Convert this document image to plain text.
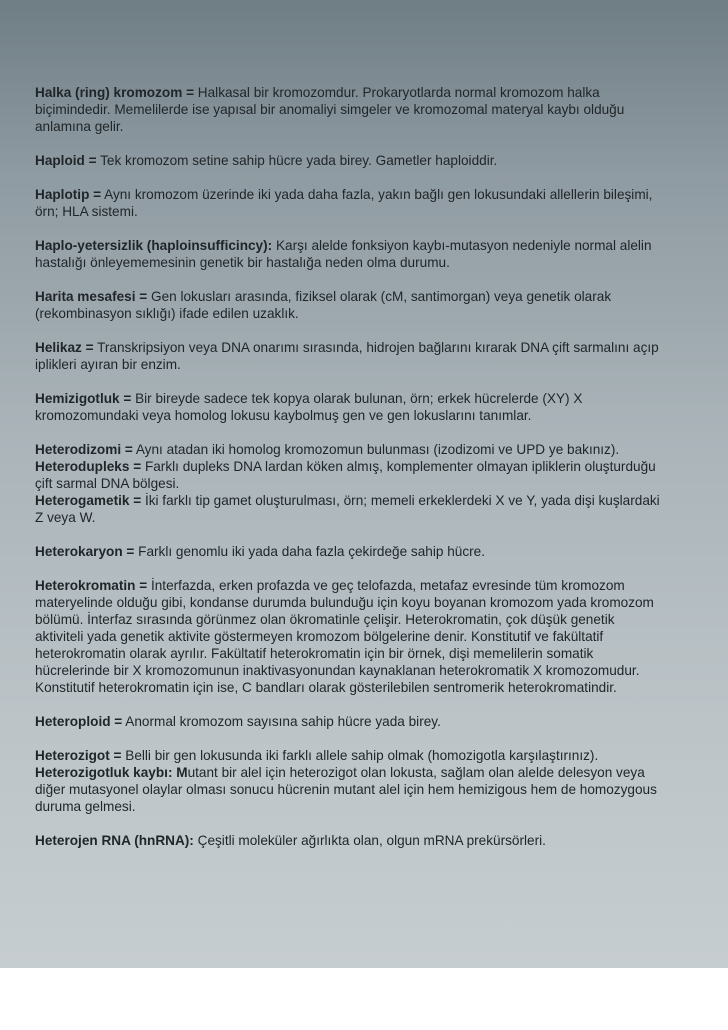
Halka (ring) kromozom = Halkasal bir kromozomdur. Prokaryotlarda normal kromozom halka biçimindedir. Memelilerde ise yapısal bir anomaliyi simgeler ve kromozomal materyal kaybı olduğu anlamına gelir.

Haploid = Tek kromozom setine sahip hücre yada birey. Gametler haploiddir.

Haplotip = Aynı kromozom üzerinde iki yada daha fazla, yakın bağlı gen lokusundaki allellerin bileşimi, örn; HLA sistemi.

Haplo-yetersizlik (haploinsufficincy): Karşı alelde fonksiyon kaybı-mutasyon nedeniyle normal alelin hastalığı önleyememesinin genetik bir hastalığa neden olma durumu.

Harita mesafesi = Gen lokusları arasında, fiziksel olarak (cM, santimorgan) veya genetik olarak (rekombinasyon sıklığı) ifade edilen uzaklık.

Helikaz = Transkripsiyon veya DNA onarımı sırasında, hidrojen bağlarını kırarak DNA çift sarmalını açıp iplikleri ayıran bir enzim.

Hemizigotluk = Bir bireyde sadece tek kopya olarak bulunan, örn; erkek hücrelerde (XY) X kromozomundaki veya homolog lokusu kaybolmuş gen ve gen lokuslarını tanımlar.

Heterodizomi = Aynı atadan iki homolog kromozomun bulunması (izodizomi ve UPD ye bakınız).

Heterodupleks = Farklı dupleks DNA lardan köken almış, komplementer olmayan ipliklerin oluşturduğu çift sarmal DNA bölgesi.

Heterogametik = İki farklı tip gamet oluşturulması, örn; memeli erkeklerdeki X ve Y, yada dişi kuşlardaki Z veya W.

Heterokaryon = Farklı genomlu iki yada daha fazla çekirdeğe sahip hücre.

Heterokromatin = İnterfazda, erken profazda ve geç telofazda, metafaz evresinde tüm kromozom materyelinde olduğu gibi, kondanse durumda bulunduğu için koyu boyanan kromozom yada kromozom bölümü. İnterfaz sırasında görünmez olan ökromatinle çelişir. Heterokromatin, çok düşük genetik aktiviteli yada genetik aktivite göstermeyen kromozom bölgelerine denir. Konstitutif ve fakültatif heterokromatin olarak ayrılır. Fakültatif heterokromatin için bir örnek, dişi memelilerin somatik hücrelerinde bir X kromozomunun inaktivasyonundan kaynaklanan heterokromatik X kromozomudur. Konstitutif heterokromatin için ise, C bandları olarak gösterilebilen sentromerik heterokromatindir.

Heteroploid = Anormal kromozom sayısına sahip hücre yada birey.

Heterozigot = Belli bir gen lokusunda iki farklı allele sahip olmak (homozigotla karşılaştırınız).

Heterozigotluk kaybı: Mutant bir alel için heterozigot olan lokusta, sağlam olan alelde delesyon veya diğer mutasyonel olaylar olması sonucu hücrenin mutant alel için hem hemizigous hem de homozygous duruma gelmesi.

Heterojen RNA (hnRNA): Çeşitli moleküler ağırlıkta olan, olgun mRNA prekürsörleri.
